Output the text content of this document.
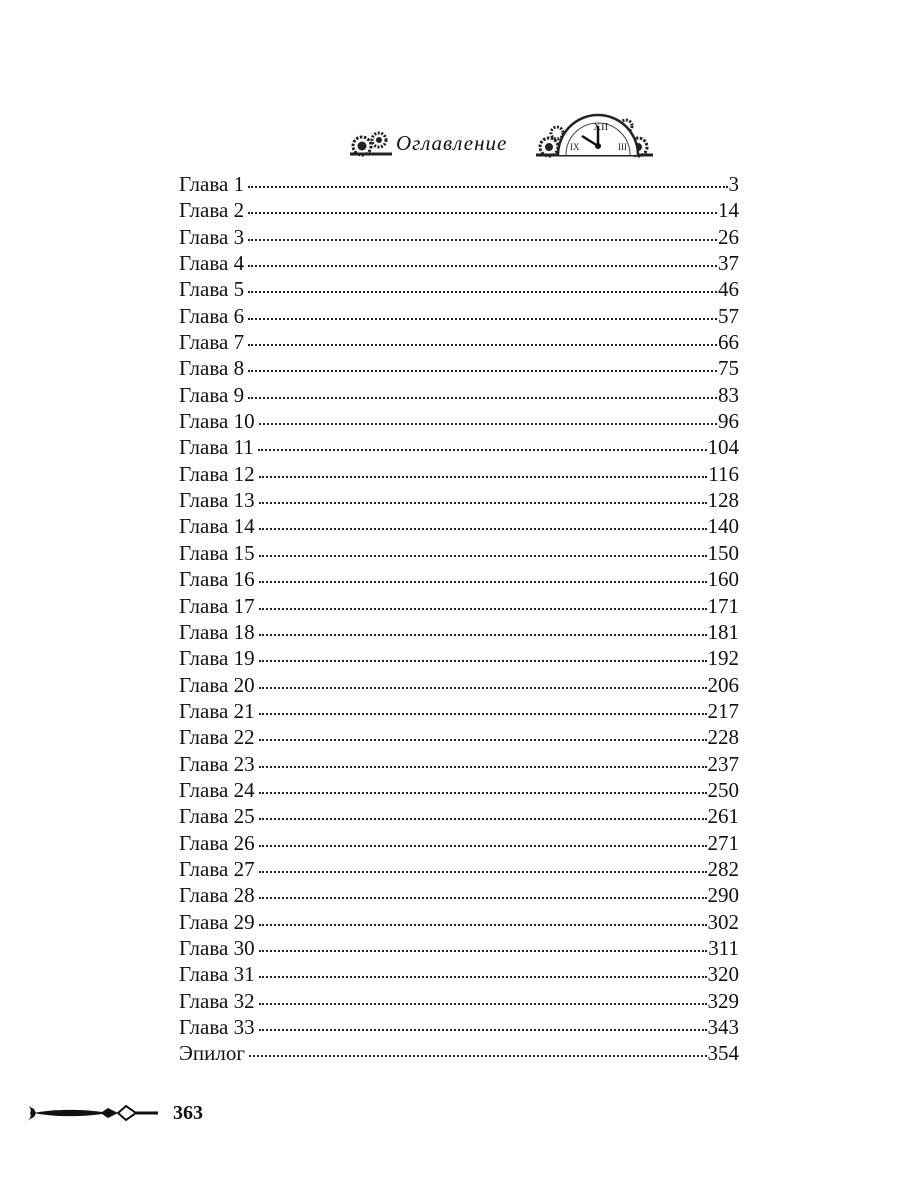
XII
IX	III
Оглавление
Глава 1	3
Глава 2	14
Глава 3	26
Глава 4	37
Глава 5	46
Глава 6	57
Глава 7	66
Глава 8	75
Глава 9	83
Глава 10	96
Глава 11	104
Глава 12	116
Глава 13	128
Глава 14	140
Глава 15	150
Глава 16	160
Глава 17	171
Глава 18	181
Глава 19	192
Глава 20	206
Глава 21	217
Глава 22	228
Глава 23	237
Глава 24	250
Глава 25	261
Глава 26	271
Глава 27	282
Глава 28	290
Глава 29	302
Глава 30	311
Глава 31	320
Глава 32	329
Глава 33	343
Эпилог	354
363
